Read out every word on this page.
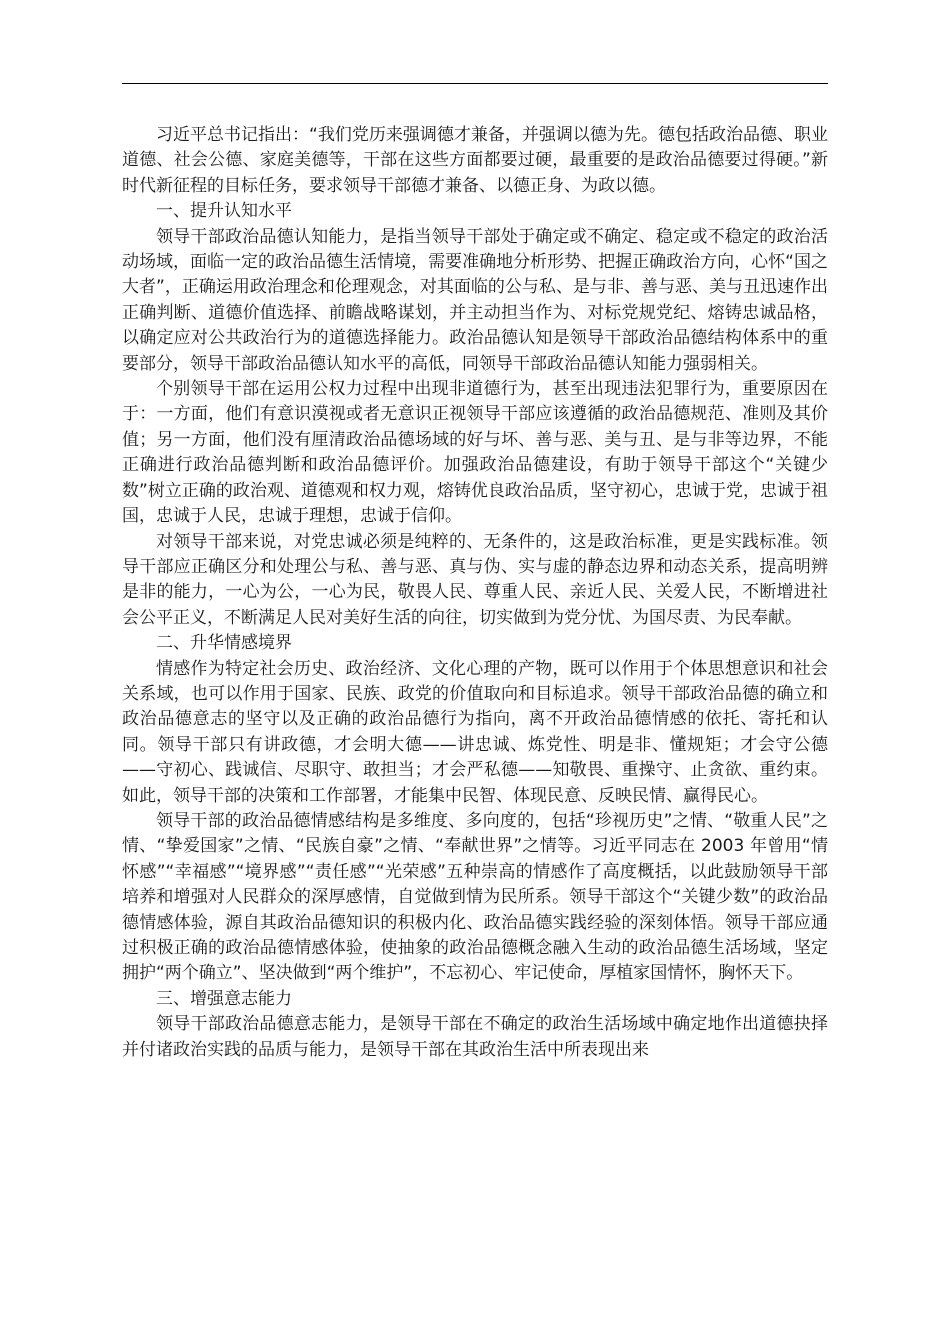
习近平总书记指出：“我们党历来强调德才兼备，并强调以德为先。德包括政治品德、职业道德、社会公德、家庭美德等，干部在这些方面都要过硬，最重要的是政治品德要过得硬。”新时代新征程的目标任务，要求领导干部德才兼备、以德正身、为政以德。

一、提升认知水平

领导干部政治品德认知能力，是指当领导干部处于确定或不确定、稳定或不稳定的政治活动场域，面临一定的政治品德生活情境，需要准确地分析形势、把握正确政治方向，心怀“国之大者”，正确运用政治理念和伦理观念，对其面临的公与私、是与非、善与恶、美与丑迅速作出正确判断、道德价值选择、前瞻战略谋划，并主动担当作为、对标党规党纪、熔铸忠诚品格，以确定应对公共政治行为的道德选择能力。政治品德认知是领导干部政治品德结构体系中的重要部分，领导干部政治品德认知水平的高低，同领导干部政治品德认知能力强弱相关。

个别领导干部在运用公权力过程中出现非道德行为，甚至出现违法犯罪行为，重要原因在于：一方面，他们有意识漠视或者无意识正视领导干部应该遵循的政治品德规范、准则及其价值；另一方面，他们没有厘清政治品德场域的好与坏、善与恶、美与丑、是与非等边界，不能正确进行政治品德判断和政治品德评价。加强政治品德建设，有助于领导干部这个“关键少数”树立正确的政治观、道德观和权力观，熔铸优良政治品质，坚守初心，忠诚于党，忠诚于祖国，忠诚于人民，忠诚于理想，忠诚于信仰。

对领导干部来说，对党忠诚必须是纯粹的、无条件的，这是政治标准，更是实践标准。领导干部应正确区分和处理公与私、善与恶、真与伪、实与虚的静态边界和动态关系，提高明辨是非的能力，一心为公，一心为民，敬畏人民、尊重人民、亲近人民、关爱人民，不断增进社会公平正义，不断满足人民对美好生活的向往，切实做到为党分忧、为国尽责、为民奉献。

二、升华情感境界

情感作为特定社会历史、政治经济、文化心理的产物，既可以作用于个体思想意识和社会关系域，也可以作用于国家、民族、政党的价值取向和目标追求。领导干部政治品德的确立和政治品德意志的坚守以及正确的政治品德行为指向，离不开政治品德情感的依托、寄托和认同。领导干部只有讲政德，才会明大德——讲忠诚、炼党性、明是非、懂规矩；才会守公德——守初心、践诚信、尽职守、敢担当；才会严私德——知敬畏、重操守、止贪欲、重约束。如此，领导干部的决策和工作部署，才能集中民智、体现民意、反映民情、赢得民心。

领导干部的政治品德情感结构是多维度、多向度的，包括“珍视历史”之情、“敬重人民”之情、“挚爱国家”之情、“民族自豪”之情、“奉献世界”之情等。习近平同志在 2003 年曾用“情怀感”“幸福感”“境界感”“责任感”“光荣感”五种崇高的情感作了高度概括，以此鼓励领导干部培养和增强对人民群众的深厚感情，自觉做到情为民所系。领导干部这个“关键少数”的政治品德情感体验，源自其政治品德知识的积极内化、政治品德实践经验的深刻体悟。领导干部应通过积极正确的政治品德情感体验，使抽象的政治品德概念融入生动的政治品德生活场域，坚定拥护“两个确立”、坚决做到“两个维护”，不忘初心、牢记使命，厚植家国情怀，胸怀天下。

三、增强意志能力

领导干部政治品德意志能力，是领导干部在不确定的政治生活场域中确定地作出道德抉择并付诸政治实践的品质与能力，是领导干部在其政治生活中所表现出来
